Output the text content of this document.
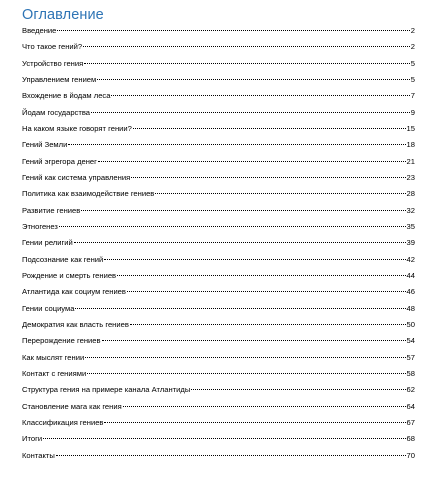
Оглавление
Введение	2
Что такое гений?	2
Устройство гения	5
Управлением гением	5
Вхождение в йодам леса	7
Йодам государства	9
На каком языке говорят гении?	15
Гений Земли	18
Гений эгрегора денег	21
Гений как система управления	23
Политика как взаимодействие гениев	28
Развитие гениев	32
Этногенез	35
Гении религий	39
Подсознание как гений	42
Рождение и смерть гениев	44
Атлантида как социум гениев	46
Гении социума	48
Демократия как власть гениев	50
Перерождение гениев	54
Как мыслят гении	57
Контакт с гениями	58
Структура гения на примере канала Атлантиды	62
Становление мага как гения	64
Классификация гениев	67
Итоги	68
Контакты	70
